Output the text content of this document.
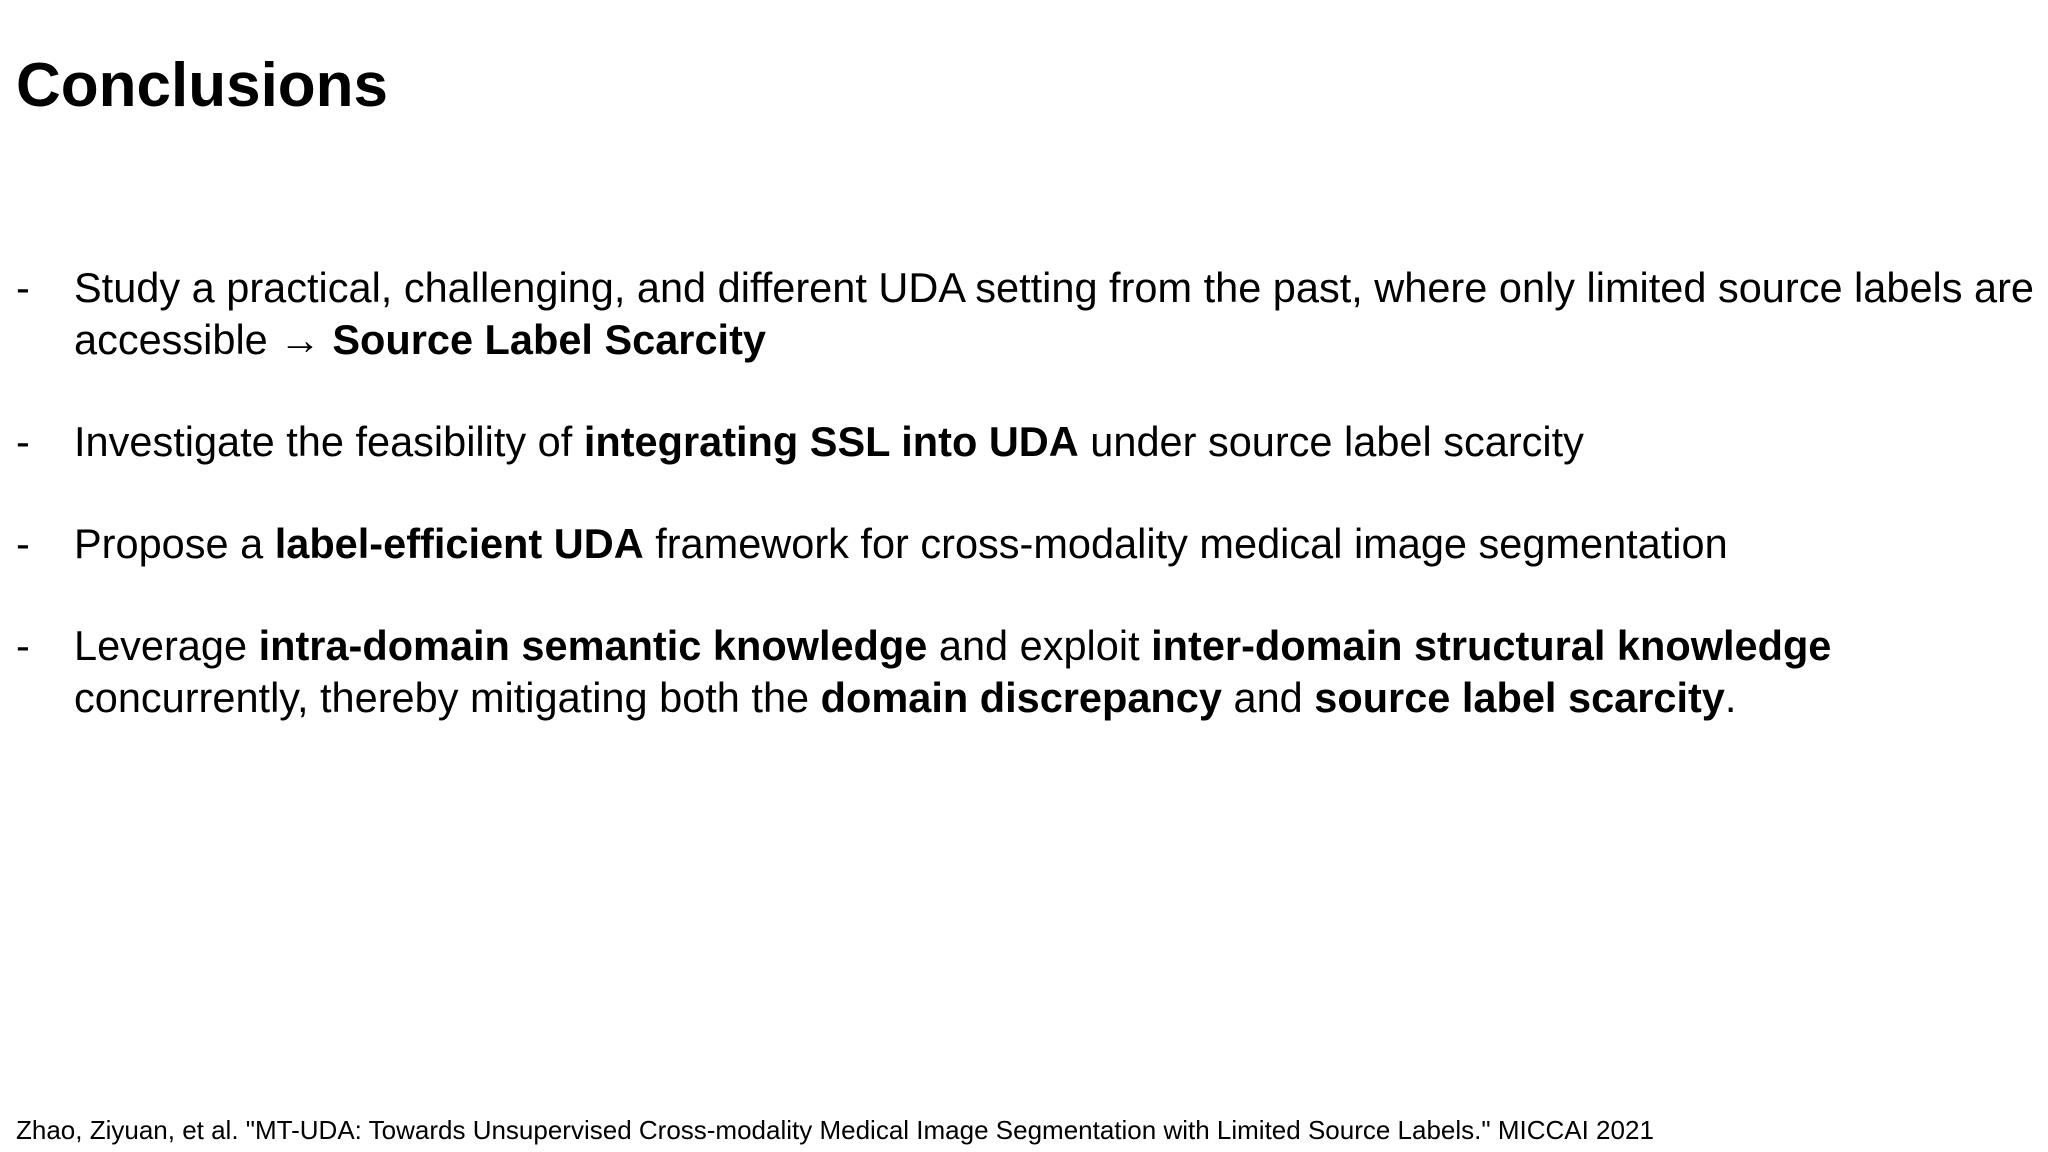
Conclusions
- Study a practical, challenging, and different UDA setting from the past, where only limited source labels are accessible → Source Label Scarcity
- Investigate the feasibility of integrating SSL into UDA under source label scarcity
- Propose a label-efficient UDA framework for cross-modality medical image segmentation
- Leverage intra-domain semantic knowledge and exploit inter-domain structural knowledge concurrently, thereby mitigating both the domain discrepancy and source label scarcity.

Zhao, Ziyuan, et al. "MT-UDA: Towards Unsupervised Cross-modality Medical Image Segmentation with Limited Source Labels." MICCAI 2021
